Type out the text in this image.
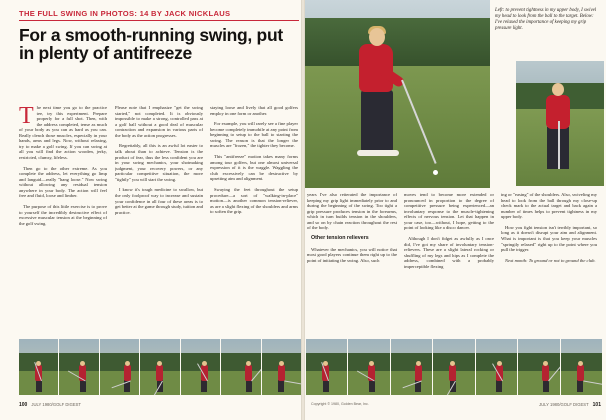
THE FULL SWING IN PHOTOS: 14 BY JACK NICKLAUS
For a smooth-running swing, put in plenty of antifreeze

The next time you go to the practice tee, try this experiment. Prepare properly for a full shot. Then, with the address completed, tense as much of your body as you can as hard as you can. Really clench those muscles, especially in your hands, arms and legs. Now, without relaxing, try to make a golf swing. If you can swing at all you will find the action wooden, jerky, restricted, clumsy, lifeless.

Then go to the other extreme. As you complete the address, let everything go limp and languid—really "hang loose." Now swing without allowing any residual tension anywhere in your body. The action will feel free and fluid, loose and limber.

The purpose of this little exercise is to prove to yourself the incredibly destructive effect of excessive muscular tension at the beginning of the golf swing.

Please note that I emphasize "get the swing started," not completed. It is obviously impossible to make a strong, controlled pass at a golf ball without a good deal of muscular contraction and expansion in various parts of the body as the action progresses.

Regrettably, all this is an awful lot easier to talk about than to achieve. Tension is the product of fear, thus the less confident you are in your swing mechanics, your shotmaking judgment, your recovery powers, or any particular competitive situation, the more "tightly" you will start the swing.

I know it's tough medicine to swallow, but the only foolproof way to increase and sustain your confidence in all four of these areas is to get better at the game through study, tuition and practice.

staying loose and lively that all good golfers employ in one form or another.

For example, you will rarely see a fine player become completely immobile at any point from beginning to setup to the ball to starting the swing. The reason is that the longer the muscles are "frozen," the tighter they become.

This "antifreeze" motion takes many forms among tour golfers, but one almost universal expression of it is the waggle. Waggling the club excessively can be destructive by upsetting aim and alignment.

Swaying the feet throughout the setup procedure—a sort of "walking-in-place" motion—is another common tension-reliever, as are a slight flexing of the shoulders and arms to soften the grip.

100 JULY 1980/GOLF DIGEST
Left: to prevent tightness in my upper body, I swivel my head to look from the ball to the target. Below: I've relaxed the importance of keeping my grip pressure light.

years I've also reiterated the importance of keeping my grip light immediately prior to and during the beginning of the swing. Too tight a grip pressure produces tension in the forearms, which in turn builds tension in the shoulders, and so on by chain reaction throughout the rest of the body.

Other tension relievers

Whatever the mechanics, you will notice that most good players continue them right up to the point of initiating the swing. Also, such

moves tend to become more extended or pronounced in proportion to the degree of competitive pressure being experienced—an involuntary response to the muscle-tightening effects of nervous tension. Let that happen in your case, too—without, I hope, getting to the point of looking like a disco dancer.

Although I don't fidget as awfully as I once did, I've got my share of involuntary tension-relievers. These are a slight lateral rocking or shuffling of my legs and hips as I complete the address, combined with a probably imperceptible flexing

ing or "easing" of the shoulders. Also, swiveling my head to look from the ball through my close-up check mark to the actual target and back again a number of times helps to prevent tightness in my upper body.

How you fight tension isn't terribly important, so long as it doesn't disrupt your aim and alignment. What is important is that you keep your muscles "springily relaxed" right up to the point where you pull the trigger.

Next month: To ground or not to ground the club.

Copyright © 1980, Golden Bear, Inc.	JULY 1980/GOLF DIGEST 101
